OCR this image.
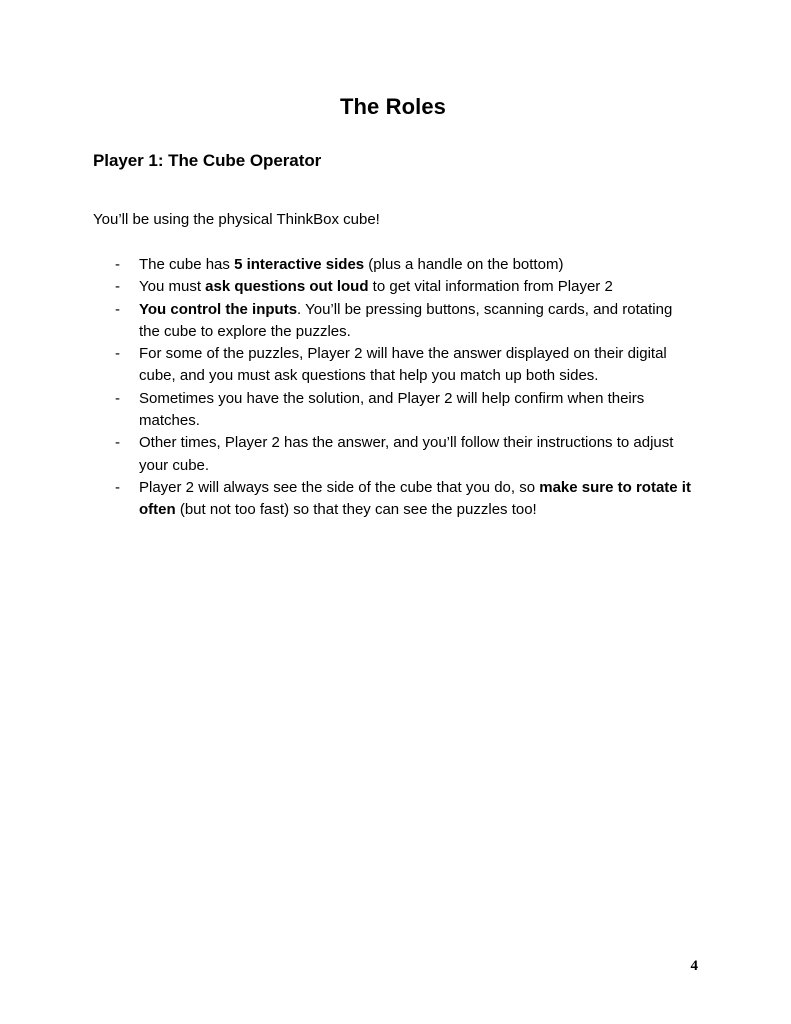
The Roles
Player 1: The Cube Operator

You’ll be using the physical ThinkBox cube!

-	The cube has 5 interactive sides (plus a handle on the bottom)
-	You must ask questions out loud to get vital information from Player 2
-	You control the inputs. You’ll be pressing buttons, scanning cards, and rotating the cube to explore the puzzles.
-	For some of the puzzles, Player 2 will have the answer displayed on their digital cube, and you must ask questions that help you match up both sides.
-	Sometimes you have the solution, and Player 2 will help confirm when theirs matches.
-	Other times, Player 2 has the answer, and you’ll follow their instructions to adjust your cube.
-	Player 2 will always see the side of the cube that you do, so make sure to rotate it often (but not too fast) so that they can see the puzzles too!
4
